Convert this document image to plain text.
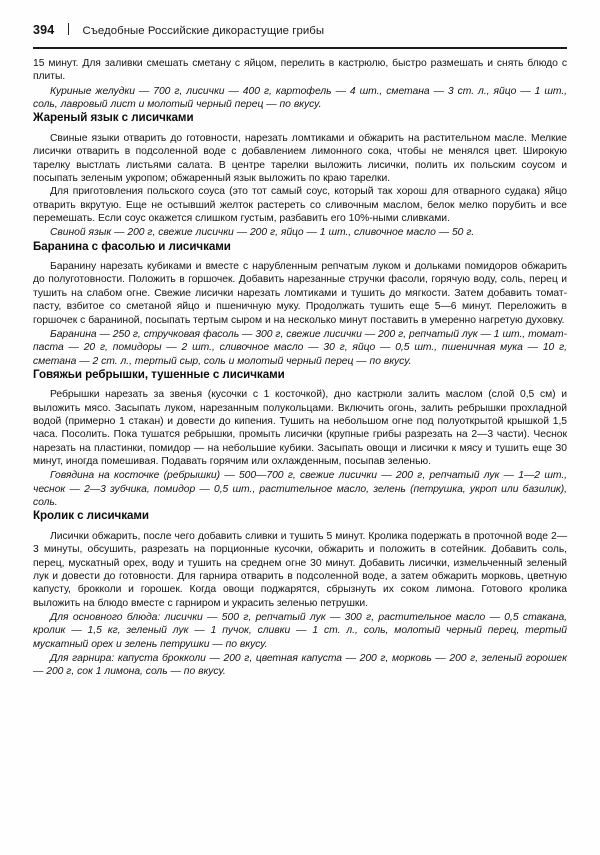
394 Съедобные Российские дикорастущие грибы

15 минут. Для заливки смешать сметану с яйцом, перелить в кастрюлю, быстро размешать и снять блюдо с плиты.

Куриные желудки — 700 г, лисички — 400 г, картофель — 4 шт., сметана — 3 ст. л., яйцо — 1 шт., соль, лавровый лист и молотый черный перец — по вкусу.

Жареный язык с лисичками

Свиные языки отварить до готовности, нарезать ломтиками и обжарить на растительном масле. Мелкие лисички отварить в подсоленной воде с добавлением лимонного сока, чтобы не менялся цвет. Широкую тарелку выстлать листьями салата. В центре тарелки выложить лисички, полить их польским соусом и посыпать зеленым укропом; обжаренный язык выложить по краю тарелки.

Для приготовления польского соуса (это тот самый соус, который так хорош для отварного судака) яйцо отварить вкрутую. Еще не остывший желток растереть со сливочным маслом, белок мелко порубить и все перемешать. Если соус окажется слишком густым, разбавить его 10%-ными сливками.

Свиной язык — 200 г, свежие лисички — 200 г, яйцо — 1 шт., сливочное масло — 50 г.

Баранина с фасолью и лисичками

Баранину нарезать кубиками и вместе с нарубленным репчатым луком и дольками помидоров обжарить до полуготовности. Положить в горшочек. Добавить нарезанные стручки фасоли, горячую воду, соль, перец и тушить на слабом огне. Свежие лисички нарезать ломтиками и тушить до мягкости. Затем добавить томат-пасту, взбитое со сметаной яйцо и пшеничную муку. Продолжать тушить еще 5—6 минут. Переложить в горшочек с бараниной, посыпать тертым сыром и на несколько минут поставить в умеренно нагретую духовку.

Баранина — 250 г, стручковая фасоль — 300 г, свежие лисички — 200 г, репчатый лук — 1 шт., томат-паста — 20 г, помидоры — 2 шт., сливочное масло — 30 г, яйцо — 0,5 шт., пшеничная мука — 10 г, сметана — 2 ст. л., тертый сыр, соль и молотый черный перец — по вкусу.

Говяжьи ребрышки, тушенные с лисичками

Ребрышки нарезать за звенья (кусочки с 1 косточкой), дно кастрюли залить маслом (слой 0,5 см) и выложить мясо. Засыпать луком, нарезанным полукольцами. Включить огонь, залить ребрышки прохладной водой (примерно 1 стакан) и довести до кипения. Тушить на небольшом огне под полуоткрытой крышкой 1,5 часа. Посолить. Пока тушатся ребрышки, промыть лисички (крупные грибы разрезать на 2—3 части). Чеснок нарезать на пластинки, помидор — на небольшие кубики. Засыпать овощи и лисички к мясу и тушить еще 30 минут, иногда помешивая. Подавать горячим или охлажденным, посыпав зеленью.

Говядина на косточке (ребрышки) — 500—700 г, свежие лисички — 200 г, репчатый лук — 1—2 шт., чеснок — 2—3 зубчика, помидор — 0,5 шт., растительное масло, зелень (петрушка, укроп или базилик), соль.

Кролик с лисичками

Лисички обжарить, после чего добавить сливки и тушить 5 минут. Кролика подержать в проточной воде 2—3 минуты, обсушить, разрезать на порционные кусочки, обжарить и положить в сотейник. Добавить соль, перец, мускатный орех, воду и тушить на среднем огне 30 минут. Добавить лисички, измельченный зеленый лук и довести до готовности. Для гарнира отварить в подсоленной воде, а затем обжарить морковь, цветную капусту, брокколи и горошек. Когда овощи поджарятся, сбрызнуть их соком лимона. Готового кролика выложить на блюдо вместе с гарниром и украсить зеленью петрушки.

Для основного блюда: лисички — 500 г, репчатый лук — 300 г, растительное масло — 0,5 стакана, кролик — 1,5 кг, зеленый лук — 1 пучок, сливки — 1 ст. л., соль, молотый черный перец, тертый мускатный орех и зелень петрушки — по вкусу.

Для гарнира: капуста брокколи — 200 г, цветная капуста — 200 г, морковь — 200 г, зеленый горошек — 200 г, сок 1 лимона, соль — по вкусу.
